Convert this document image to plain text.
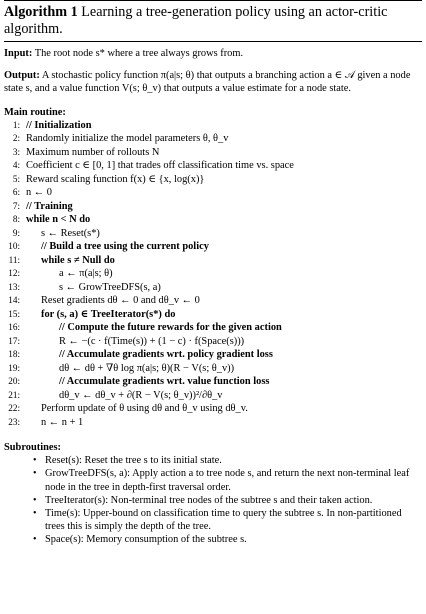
Algorithm 1 Learning a tree-generation policy using an actor-critic algorithm.

Input: The root node s* where a tree always grows from.

Output: A stochastic policy function π(a|s; θ) that outputs a branching action a ∈ 𝒜 given a node state s, and a value function V(s; θ_v) that outputs a value estimate for a node state.

Main routine:
1: // Initialization
2: Randomly initialize the model parameters θ, θ_v
3: Maximum number of rollouts N
4: Coefficient c ∈ [0, 1] that trades off classification time vs. space
5: Reward scaling function f(x) ∈ {x, log(x)}
6: n ← 0
7: // Training
8: while n < N do
9: s ← Reset(s*)
10: // Build a tree using the current policy
11: while s ≠ Null do
12:	a ← π(a|s; θ)
13:	s ← GrowTreeDFS(s, a)
14: Reset gradients dθ ← 0 and dθ_v ← 0
15: for (s, a) ∈ TreeIterator(s*) do
16:	// Compute the future rewards for the given action
17:	R ← −(c · f(Time(s)) + (1 − c) · f(Space(s)))
18:	// Accumulate gradients wrt. policy gradient loss
19:	dθ ← dθ + ∇θ log π(a|s; θ)(R − V(s; θ_v))
20:	// Accumulate gradients wrt. value function loss
21:	dθ_v ← dθ_v + ∂(R − V(s; θ_v))²/∂θ_v
22: Perform update of θ using dθ and θ_v using dθ_v.
23: n ← n + 1
Subroutines:
• Reset(s): Reset the tree s to its initial state.
• GrowTreeDFS(s, a): Apply action a to tree node s, and return the next non-terminal leaf node in the tree in depth-first traversal order.
• TreeIterator(s): Non-terminal tree nodes of the subtree s and their taken action.
• Time(s): Upper-bound on classification time to query the subtree s. In non-partitioned trees this is simply the depth of the tree.
• Space(s): Memory consumption of the subtree s.
